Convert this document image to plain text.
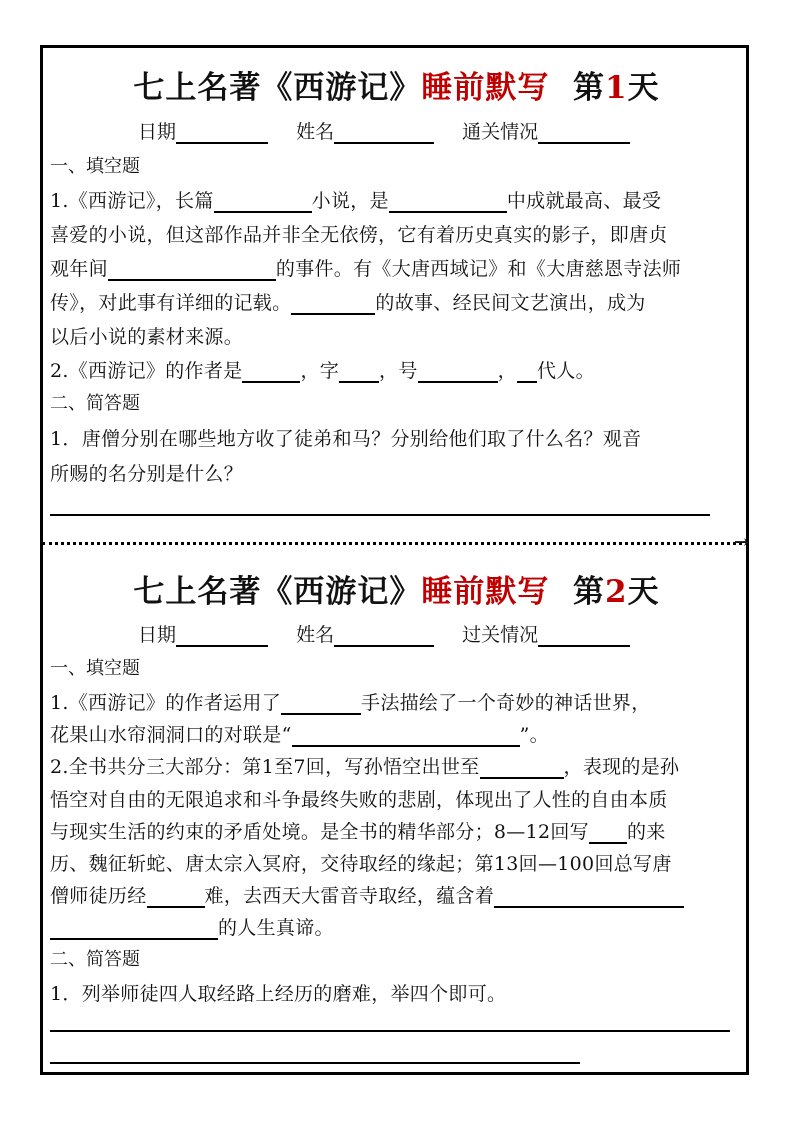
七上名著《西游记》睡前默写 第1天
日期	姓名	通关情况
一、填空题
1.《西游记》，长篇	小说，是	中成就最高、最受
喜爱的小说，但这部作品并非全无依傍，它有着历史真实的影子，即唐贞
观年间	的事件。有《大唐西域记》和《大唐慈恩寺法师
传》，对此事有详细的记载。	的故事、经民间文艺演出，成为
以后小说的素材来源。
2.《西游记》的作者是	，字 ，号	， 代人。
二、简答题
1．唐僧分别在哪些地方收了徒弟和马？分别给他们取了什么名？观音
所赐的名分别是什么？
→
七上名著《西游记》睡前默写 第2天
日期	姓名	过关情况
一、填空题
1.《西游记》的作者运用了	手法描绘了一个奇妙的神话世界，
花果山水帘洞洞口的对联是“	”。
2.全书共分三大部分：第1至7回，写孙悟空出世至	，表现的是孙
悟空对自由的无限追求和斗争最终失败的悲剧，体现出了人性的自由本质
与现实生活的约束的矛盾处境。是全书的精华部分；8—12回写 的来
历、魏征斩蛇、唐太宗入冥府，交待取经的缘起；第13回—100回总写唐
僧师徒历经	难，去西天大雷音寺取经，蕴含着
的人生真谛。
二、简答题
1．列举师徒四人取经路上经历的磨难，举四个即可。
